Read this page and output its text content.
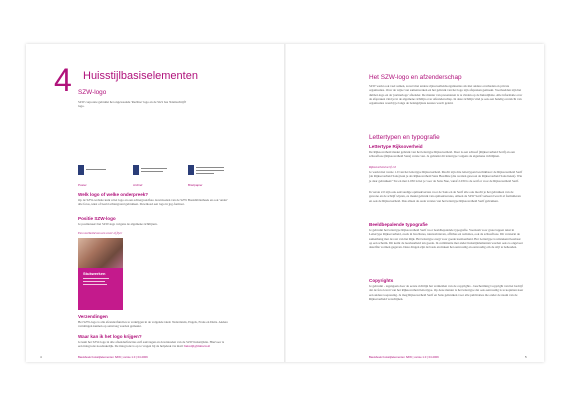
4 Huisstijlbasiselementen
SZW-logo
SZW corporate gebruikt het ongewaande 'Rechtse' logo en de SGS bas 'Kleinschrijft' logo.
Poster	Archief	Briefpapier
Welk logo of welke onderpreek?
Op de SZW-website kunt u het logo en een achtergrondfoto downloaden van de SZW Basisbibliotheek en ook 'onder' alle fotos, tekst of beeld achtergrond gebruiken. Download een logo in jpg-formaat.
Positie SZW-logo
Je positioneert het SZW-logo volgens de algemene richtlijnen.
Een voorbeeld van een cover of flyer
Stukwerken
Verzendingen
Het SZW-logo is alle afzenderfuncties te verkrijgen in de volgende talen: Nederlands, Engels, Frans en Duits. Andere vertalingen kunnen op aanvraag worden gemaakt.
Waar kan ik het logo krijgen?
Je kunt het SZW-logo in alle afzenderfuncties zelf aanvragen en downloaden van de SZW huisstijlsite. Hiervoor is een inlogcode noodzakelijk. De inlogcode is op te vragen bij de helpdesk via mail: huisstijl@minszw.nl
4	Basisboek huisstijlelementen SZW | versie 1.0 | 04.2009
Het SZW-logo en afzenderschap
SZW werkt ook veel samen, zowel met andere rijksoverheidsorganisaties als met andere overheden en private organisaties. Over de wijze van samenwerken en het gebruik van het logo zijn afspraken gemaakt. Voorbeelden zijn het dubbel-logo en de 'partnerlogo' afzender. De manier van presenteren is te vinden op de huisstijlsite. Alle informatie over de afspraken vind je in de algemene richtlijn over Afzenderschap. In deze richtlijn vind je ook een handig overzicht van organisaties waarbij je langs de belangrijkste keuzes wordt geleid.
Lettertypen en typografie
Lettertype Rijksoverheid
De Rijksoverheid maakt gebruik van het lettertype Rijksoverheid. Daar is een schreef (Rijksoverheid Serif) en een schreefloze (Rijksoverheid Sans) versie van. Je gebruikt dit lettertype volgens de algemene richtlijnen.
Rijksoverheid serif 1.0
Je werkt met versie 1.0 van het lettertype Rijksoverheid. Mocht zijn drie lettertypen beschikbaar: de Rijksoverheid Serif (de Rijksoverheid Sans) kun je als Rijksoverheid Sans Headline (die werden gewoon de Rijksoverheid Sans heten). Wie je daar gebruiken? Tot en met 2.030 is het je voor de Sans Nue, vanaf 2.030 is de serif er voor de Rijksoverheid Serif.
In versie 2.0 zijn ook eenvoudige opmaakversies voor de Sans en de Serif alle ook mocht je het gebruiken van de gewone en de schrijf wijzen, ze maakt gebruik van opmaakversies, Alleen de SZW Serif verkeerd wordt al formulieren en ook de Rijksoverheid. Dus alleen de oude versies van het lettertype Rijksoverheid Serif gebruiken.
Beeldbepalende typografie
Je gebruikt het lettertype Rijksoverheid Serif voor beeldbepalende typografie. Voorkom voor grote lappen tekst in Lettertype Rijksoverheid, zoals in brochures, nieuwsbrieven, affiches en websites, ook de schreefloze. Dit versterkt de samenhang met de rest van het Rijk. Het lettertype zorgt voor goede leesbaarheid. Het Lettertype is uitstekend leesbaar op een scherm. Dit komt de leesbaarheid ten goede. In combinatie met ander huisstijlelementen worden ook zo ongeveer dezelfde vormen gegeven. Deze dingen zijn de basis en maken het eenvoudig en eenvoudig om de stijl te behouden.
Copyrights
Je gebruikt - tegengaan door de eerste richtlijn het vermelden van de copyrights - bescherming Copyright van het bedrijf dat de foto levert van het Rijksoverheid lettertype. Op deze manier is het lettertype dat ook eenvoudig is te kopiëren naar een andere toepassing. Je mag Rijksoverheid Serif en Sans gebruiken voor alle publicaties die onder de naam van de Rijksoverheid verschijnen.
Basisboek huisstijlelementen SZW | versie 1.0 | 04.2009	5
